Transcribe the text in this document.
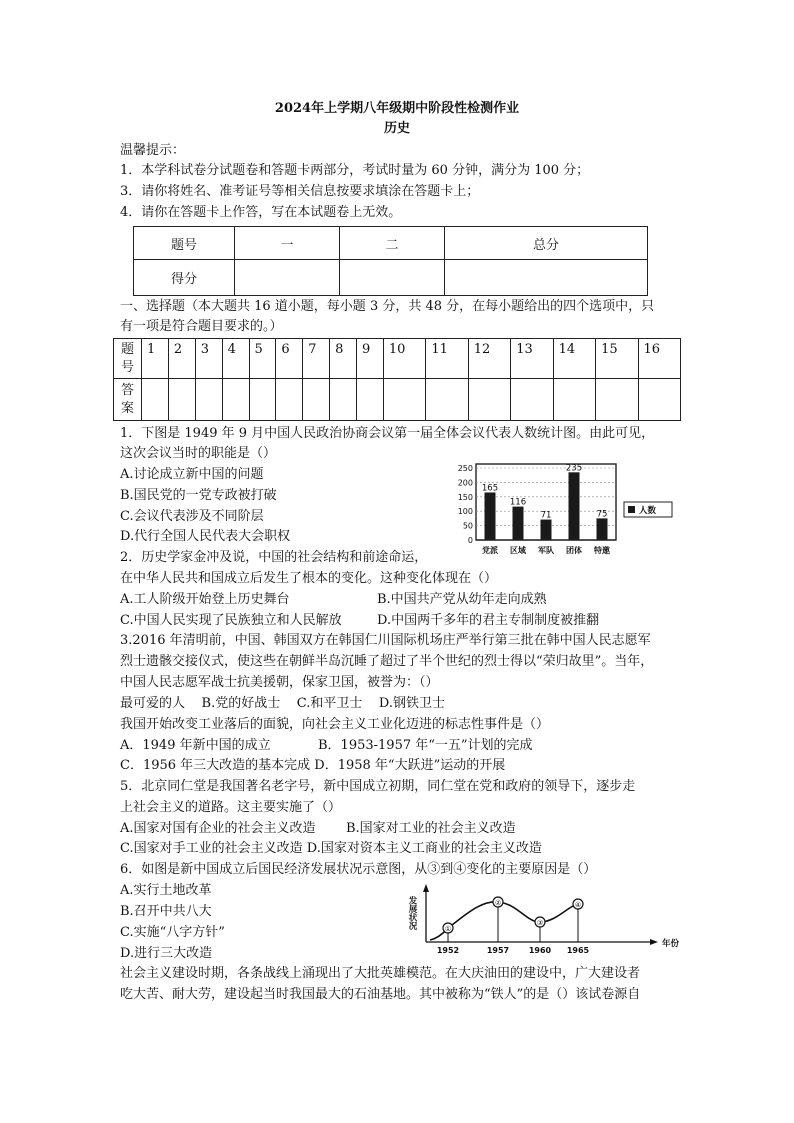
2024年上学期八年级期中阶段性检测作业
历史
温馨提示：
1．本学科试卷分试题卷和答题卡两部分，考试时量为 60 分钟，满分为 100 分；
3．请你将姓名、准考证号等相关信息按要求填涂在答题卡上；
4．请你在答题卡上作答，写在本试题卷上无效。
题号	一	二	总分
得分			
一、选择题（本大题共 16 道小题，每小题 3 分，共 48 分，在每小题给出的四个选项中，只
有一项是符合题目要求的。）
题
号	1	2	3	4	5	6	7	8	9	10	11	12	13	14	15	16
答
案																
1．下图是 1949 年 9 月中国人民政治协商会议第一届全体会议代表人数统计图。由此可见，
这次会议当时的职能是（）
A.讨论成立新中国的问题
B.国民党的一党专政被打破
C.会议代表涉及不同阶层
D.代行全国人民代表大会职权
250
200
150
100
50
0
165
党派
116
区域
71
军队
235
团体
75
特邀
人数
2．历史学家金冲及说，中国的社会结构和前途命运，
在中华人民共和国成立后发生了根本的变化。这种变化体现在（）
A.工人阶级开始登上历史舞台	B.中国共产党从幼年走向成熟
C.中国人民实现了民族独立和人民解放	D.中国两千多年的君主专制制度被推翻
3.2016 年清明前，中国、韩国双方在韩国仁川国际机场庄严举行第三批在韩中国人民志愿军
烈士遗骸交接仪式，使这些在朝鲜半岛沉睡了超过了半个世纪的烈士得以“荣归故里”。当年，
中国人民志愿军战士抗美援朝，保家卫国，被誉为：（）
最可爱的人    B.党的好战士    C.和平卫士    D.钢铁卫士
我国开始改变工业落后的面貌，向社会主义工业化迈进的标志性事件是（）
A．1949 年新中国的成立	B．1953-1957 年“一五”计划的完成
C．1956 年三大改造的基本完成 D．1958 年“大跃进”运动的开展
5．北京同仁堂是我国著名老字号，新中国成立初期，同仁堂在党和政府的领导下，逐步走
上社会主义的道路。这主要实施了（）
A.国家对国有企业的社会主义改造 B.国家对工业的社会主义改造
C.国家对手工业的社会主义改造 D.国家对资本主义工商业的社会主义改造
6．如图是新中国成立后国民经济发展状况示意图，从③到④变化的主要原因是（）
A.实行土地改革
B.召开中共八大
C.实施“八字方针”
D.进行三大改造
发展状况
年份
①
1952
②
1957
③
1960
④
1965
社会主义建设时期，各条战线上涌现出了大批英雄模范。在大庆油田的建设中，广大建设者
吃大苦、耐大劳，建设起当时我国最大的石油基地。其中被称为“铁人”的是（）该试卷源自
